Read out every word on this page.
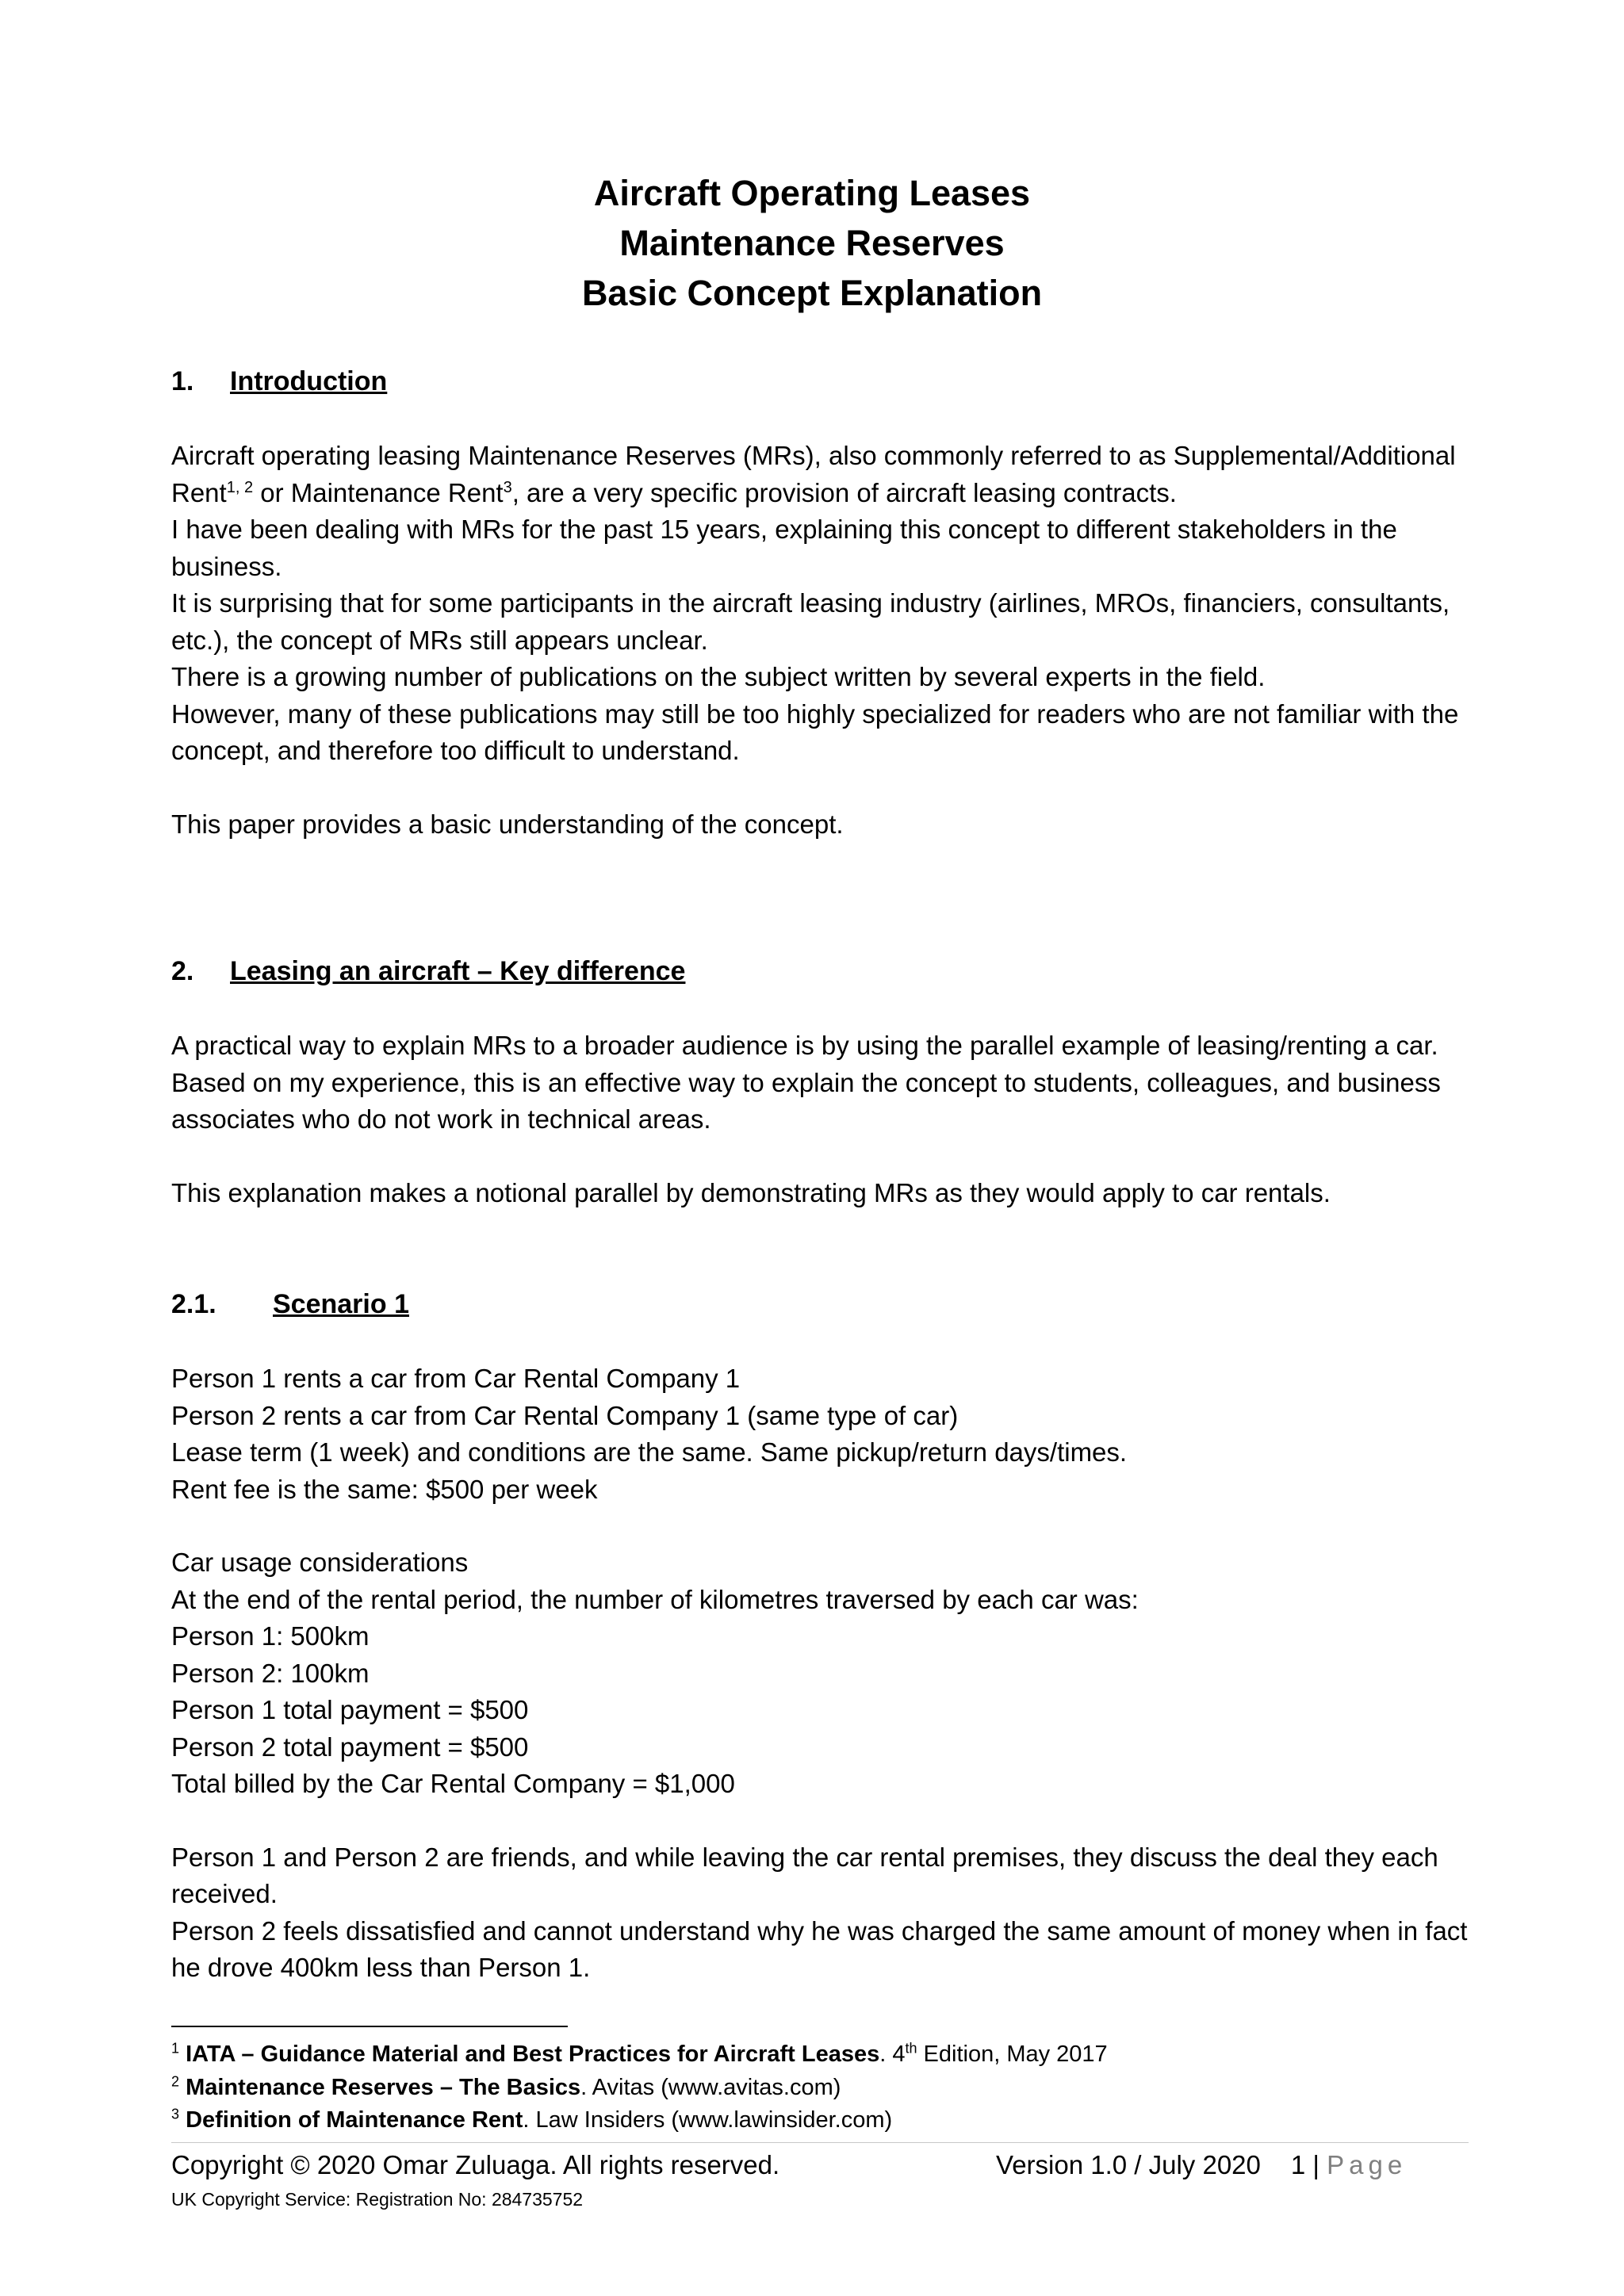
Aircraft Operating Leases

Maintenance Reserves

Basic Concept Explanation

1. Introduction

Aircraft operating leasing Maintenance Reserves (MRs), also commonly referred to as Supplemental/Additional Rent$^{1, 2}$ or Maintenance Rent$^3$, are a very specific provision of aircraft leasing contracts.

I have been dealing with MRs for the past 15 years, explaining this concept to different stakeholders in the business.

It is surprising that for some participants in the aircraft leasing industry (airlines, MROs, financiers, consultants, etc.), the concept of MRs still appears unclear.

There is a growing number of publications on the subject written by several experts in the field.

However, many of these publications may still be too highly specialized for readers who are not familiar with the concept, and therefore too difficult to understand.

This paper provides a basic understanding of the concept.

2. Leasing an aircraft – Key difference

A practical way to explain MRs to a broader audience is by using the parallel example of leasing/renting a car.

Based on my experience, this is an effective way to explain the concept to students, colleagues, and business associates who do not work in technical areas.

This explanation makes a notional parallel by demonstrating MRs as they would apply to car rentals.

2.1. Scenario 1

Person 1 rents a car from Car Rental Company 1

Person 2 rents a car from Car Rental Company 1 (same type of car)

Lease term (1 week) and conditions are the same. Same pickup/return days/times.

Rent fee is the same: $500 per week

Car usage considerations

At the end of the rental period, the number of kilometres traversed by each car was:

Person 1: 500km

Person 2: 100km

Person 1 total payment = $500

Person 2 total payment = $500

Total billed by the Car Rental Company = $1,000

Person 1 and Person 2 are friends, and while leaving the car rental premises, they discuss the deal they each received.

Person 2 feels dissatisfied and cannot understand why he was charged the same amount of money when in fact he drove 400km less than Person 1.

$^1$ IATA – Guidance Material and Best Practices for Aircraft Leases. 4th Edition, May 2017

$^2$ Maintenance Reserves – The Basics. Avitas (www.avitas.com)

$^3$ Definition of Maintenance Rent. Law Insiders (www.lawinsider.com)

Copyright © 2020 Omar Zuluaga. All rights reserved.	Version 1.0 / July 2020 1 | Page
UK Copyright Service: Registration No: 284735752
